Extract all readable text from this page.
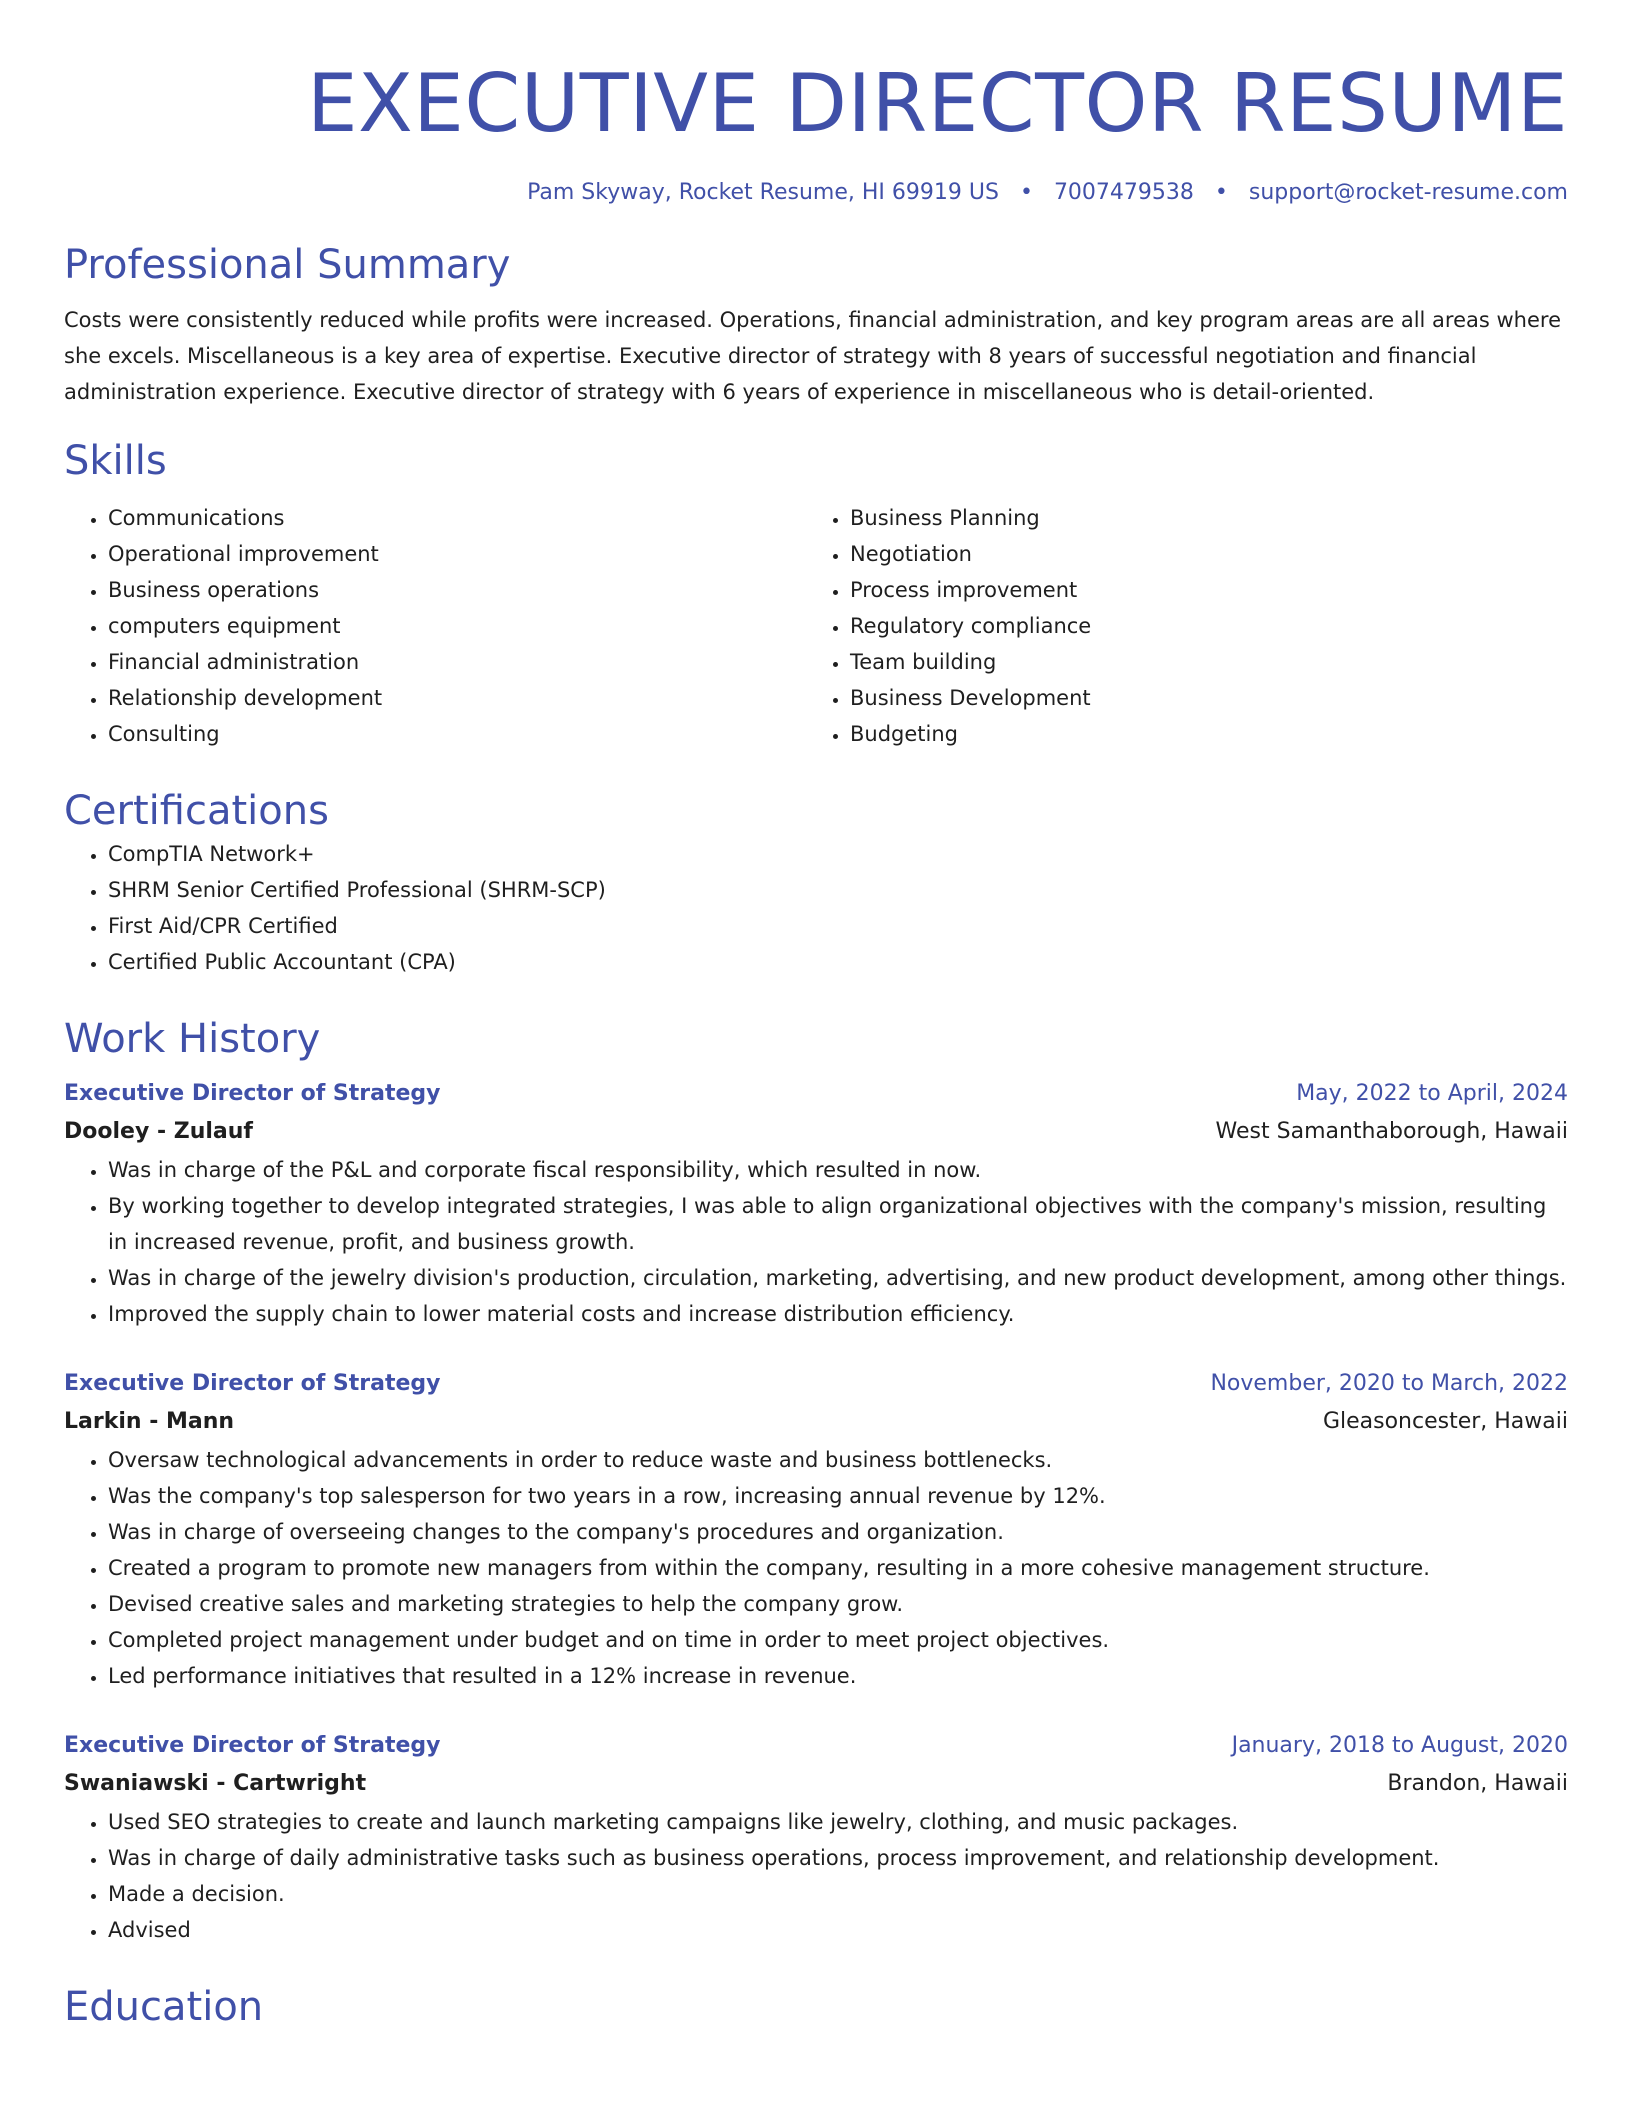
EXECUTIVE DIRECTOR RESUME
Pam Skyway, Rocket Resume, HI 69919 US • 7007479538 • support@rocket-resume.com
Professional Summary

Costs were consistently reduced while profits were increased. Operations, financial administration, and key program areas are all areas where she excels. Miscellaneous is a key area of expertise. Executive director of strategy with 8 years of successful negotiation and financial administration experience. Executive director of strategy with 6 years of experience in miscellaneous who is detail-oriented.

Skills
• Communications
• Operational improvement
• Business operations
• computers equipment
• Financial administration
• Relationship development
• Consulting
• Business Planning
• Negotiation
• Process improvement
• Regulatory compliance
• Team building
• Business Development
• Budgeting
Certifications
• CompTIA Network+
• SHRM Senior Certified Professional (SHRM-SCP)
• First Aid/CPR Certified
• Certified Public Accountant (CPA)
Work History
Executive Director of Strategy	May, 2022 to April, 2024
Dooley - Zulauf	West Samanthaborough, Hawaii
• Was in charge of the P&L and corporate fiscal responsibility, which resulted in now.
• By working together to develop integrated strategies, I was able to align organizational objectives with the company's mission, resulting in increased revenue, profit, and business growth.
• Was in charge of the jewelry division's production, circulation, marketing, advertising, and new product development, among other things.
• Improved the supply chain to lower material costs and increase distribution efficiency.
Executive Director of Strategy	November, 2020 to March, 2022
Larkin - Mann	Gleasoncester, Hawaii
• Oversaw technological advancements in order to reduce waste and business bottlenecks.
• Was the company's top salesperson for two years in a row, increasing annual revenue by 12%.
• Was in charge of overseeing changes to the company's procedures and organization.
• Created a program to promote new managers from within the company, resulting in a more cohesive management structure.
• Devised creative sales and marketing strategies to help the company grow.
• Completed project management under budget and on time in order to meet project objectives.
• Led performance initiatives that resulted in a 12% increase in revenue.
Executive Director of Strategy	January, 2018 to August, 2020
Swaniawski - Cartwright	Brandon, Hawaii
• Used SEO strategies to create and launch marketing campaigns like jewelry, clothing, and music packages.
• Was in charge of daily administrative tasks such as business operations, process improvement, and relationship development.
• Made a decision.
• Advised
Education
